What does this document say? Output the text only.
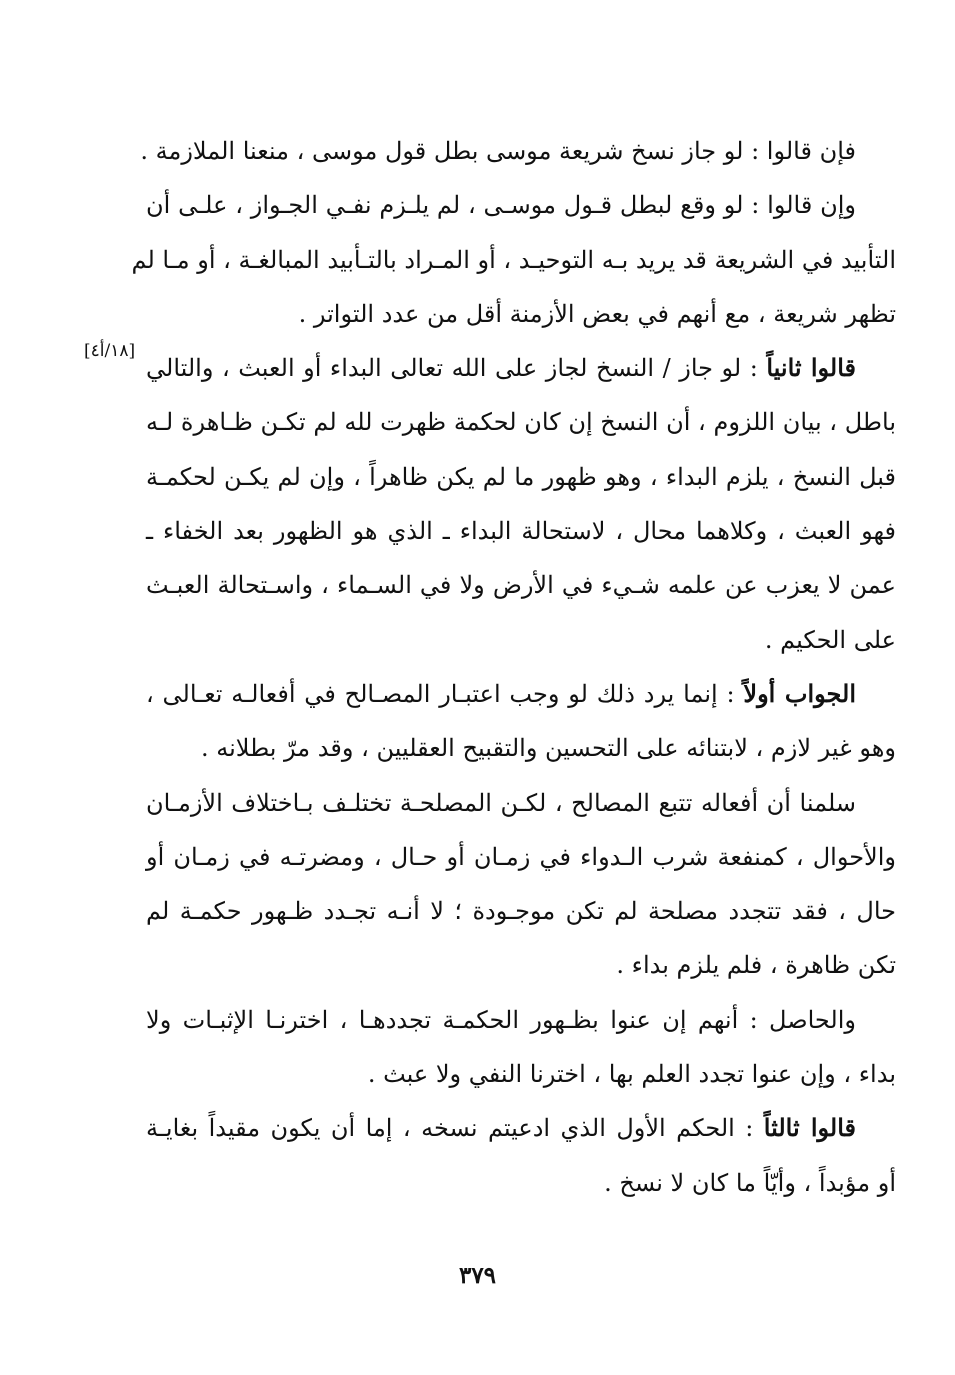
فإن قالوا : لو جاز نسخ شريعة موسى بطل قول موسى ، منعنا الملازمة .
وإن قالوا : لو وقع لبطل قـول موسـى ، لم يلـزم نفـي الجـواز ، علـى أن
التأبيد في الشريعة قد يريد بـه التوحيـد ، أو المـراد بالتـأبيد المبالغـة ، أو مـا لم
تظهر شريعة ، مع أنهم في بعض الأزمنة أقل من عدد التواتر .
قالوا ثانياً : لو جاز / النسخ لجاز على الله تعالى البداء أو العبث ، والتالي
باطل ، بيان اللزوم ، أن النسخ إن كان لحكمة ظهرت لله لم تكـن ظـاهرة لـه
قبل النسخ ، يلزم البداء ، وهو ظهور ما لم يكن ظاهراً ، وإن لم يكـن لحكمـة
فهو العبث ، وكلاهما محال ، لاستحالة البداء ـ الذي هو الظهور بعد الخفاء ـ
عمن لا يعزب عن علمه شـيء في الأرض ولا في السـماء ، واسـتحالة العبـث
على الحكيم .
الجواب أولاً : إنما يرد ذلك لو وجب اعتبـار المصـالح في أفعالـه تعـالى ،
وهو غير لازم ، لابتنائه على التحسين والتقبيح العقليين ، وقد مرّ بطلانه .
سلمنا أن أفعاله تتبع المصالح ، لكـن المصلحـة تختلـف بـاختلاف الأزمـان
والأحوال ، كمنفعة شرب الـدواء في زمـان أو حـال ، ومضرتـه في زمـان أو
حال ، فقد تتجدد مصلحة لم تكن موجـودة ؛ لا أنـه تجـدد ظـهور حكمـة لم
تكن ظاهرة ، فلم يلزم بداء .
والحاصل : أنهم إن عنوا بظـهور الحكمـة تجددهـا ، اخترنـا الإثبـات ولا
بداء ، وإن عنوا تجدد العلم بها ، اخترنا النفي ولا عبث .
قالوا ثالثاً : الحكم الأول الذي ادعيتم نسخه ، إما أن يكون مقيداً بغايـة
أو مؤبداً ، وأيّاً ما كان لا نسخ .
[١٨/أ٤]
٣٧٩
